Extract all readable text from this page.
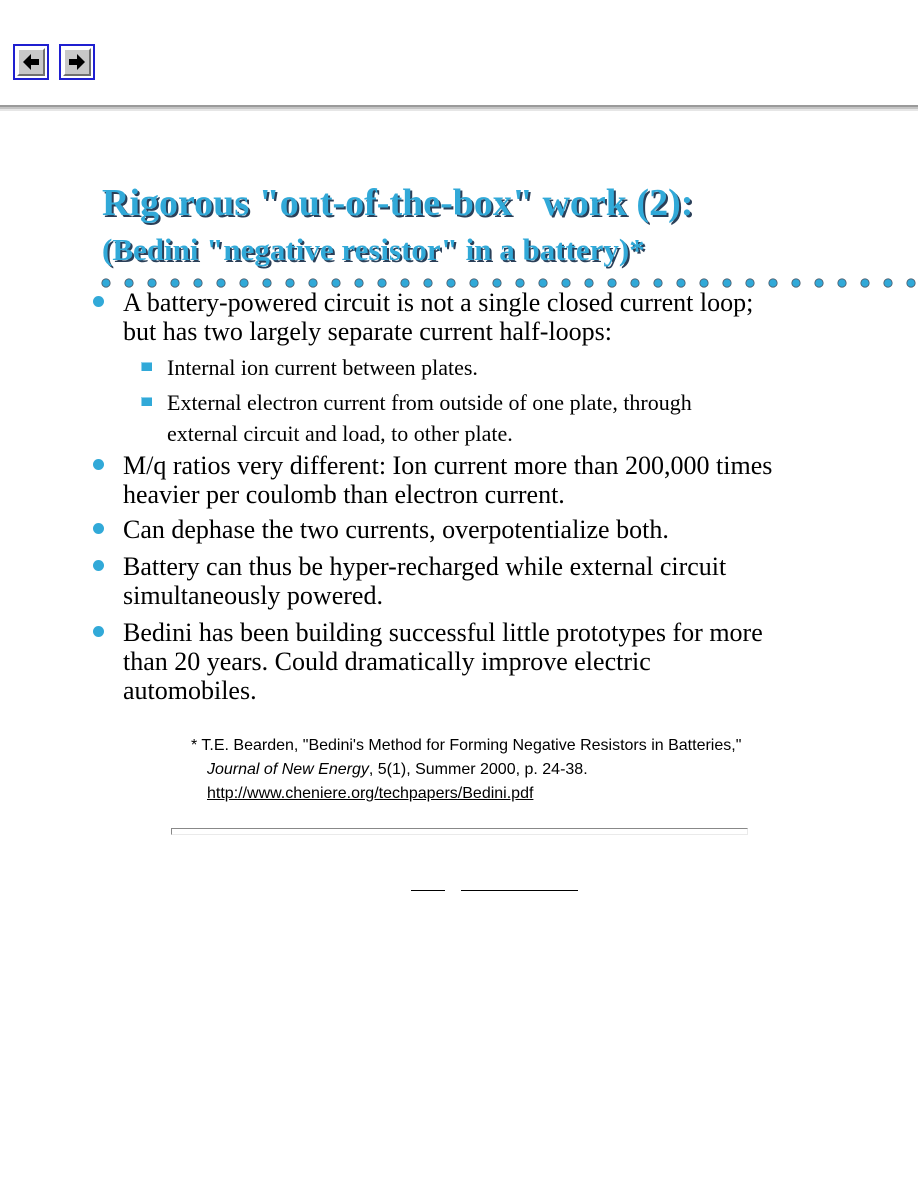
Rigorous "out-of-the-box" work (2):
(Bedini "negative resistor" in a battery)*
A battery-powered circuit is not a single closed current loop;
but has two largely separate current half-loops:
Internal ion current between plates.
External electron current from outside of one plate, through
external circuit and load, to other plate.
M/q ratios very different: Ion current more than 200,000 times
heavier per coulomb than electron current.
Can dephase the two currents, overpotentialize both.
Battery can thus be hyper-recharged while external circuit
simultaneously powered.
Bedini has been building successful little prototypes for more
than 20 years. Could dramatically improve electric
automobiles.
* T.E. Bearden, "Bedini's Method for Forming Negative Resistors in Batteries,"
Journal of New Energy, 5(1), Summer 2000, p. 24-38.
http://www.cheniere.org/techpapers/Bedini.pdf
